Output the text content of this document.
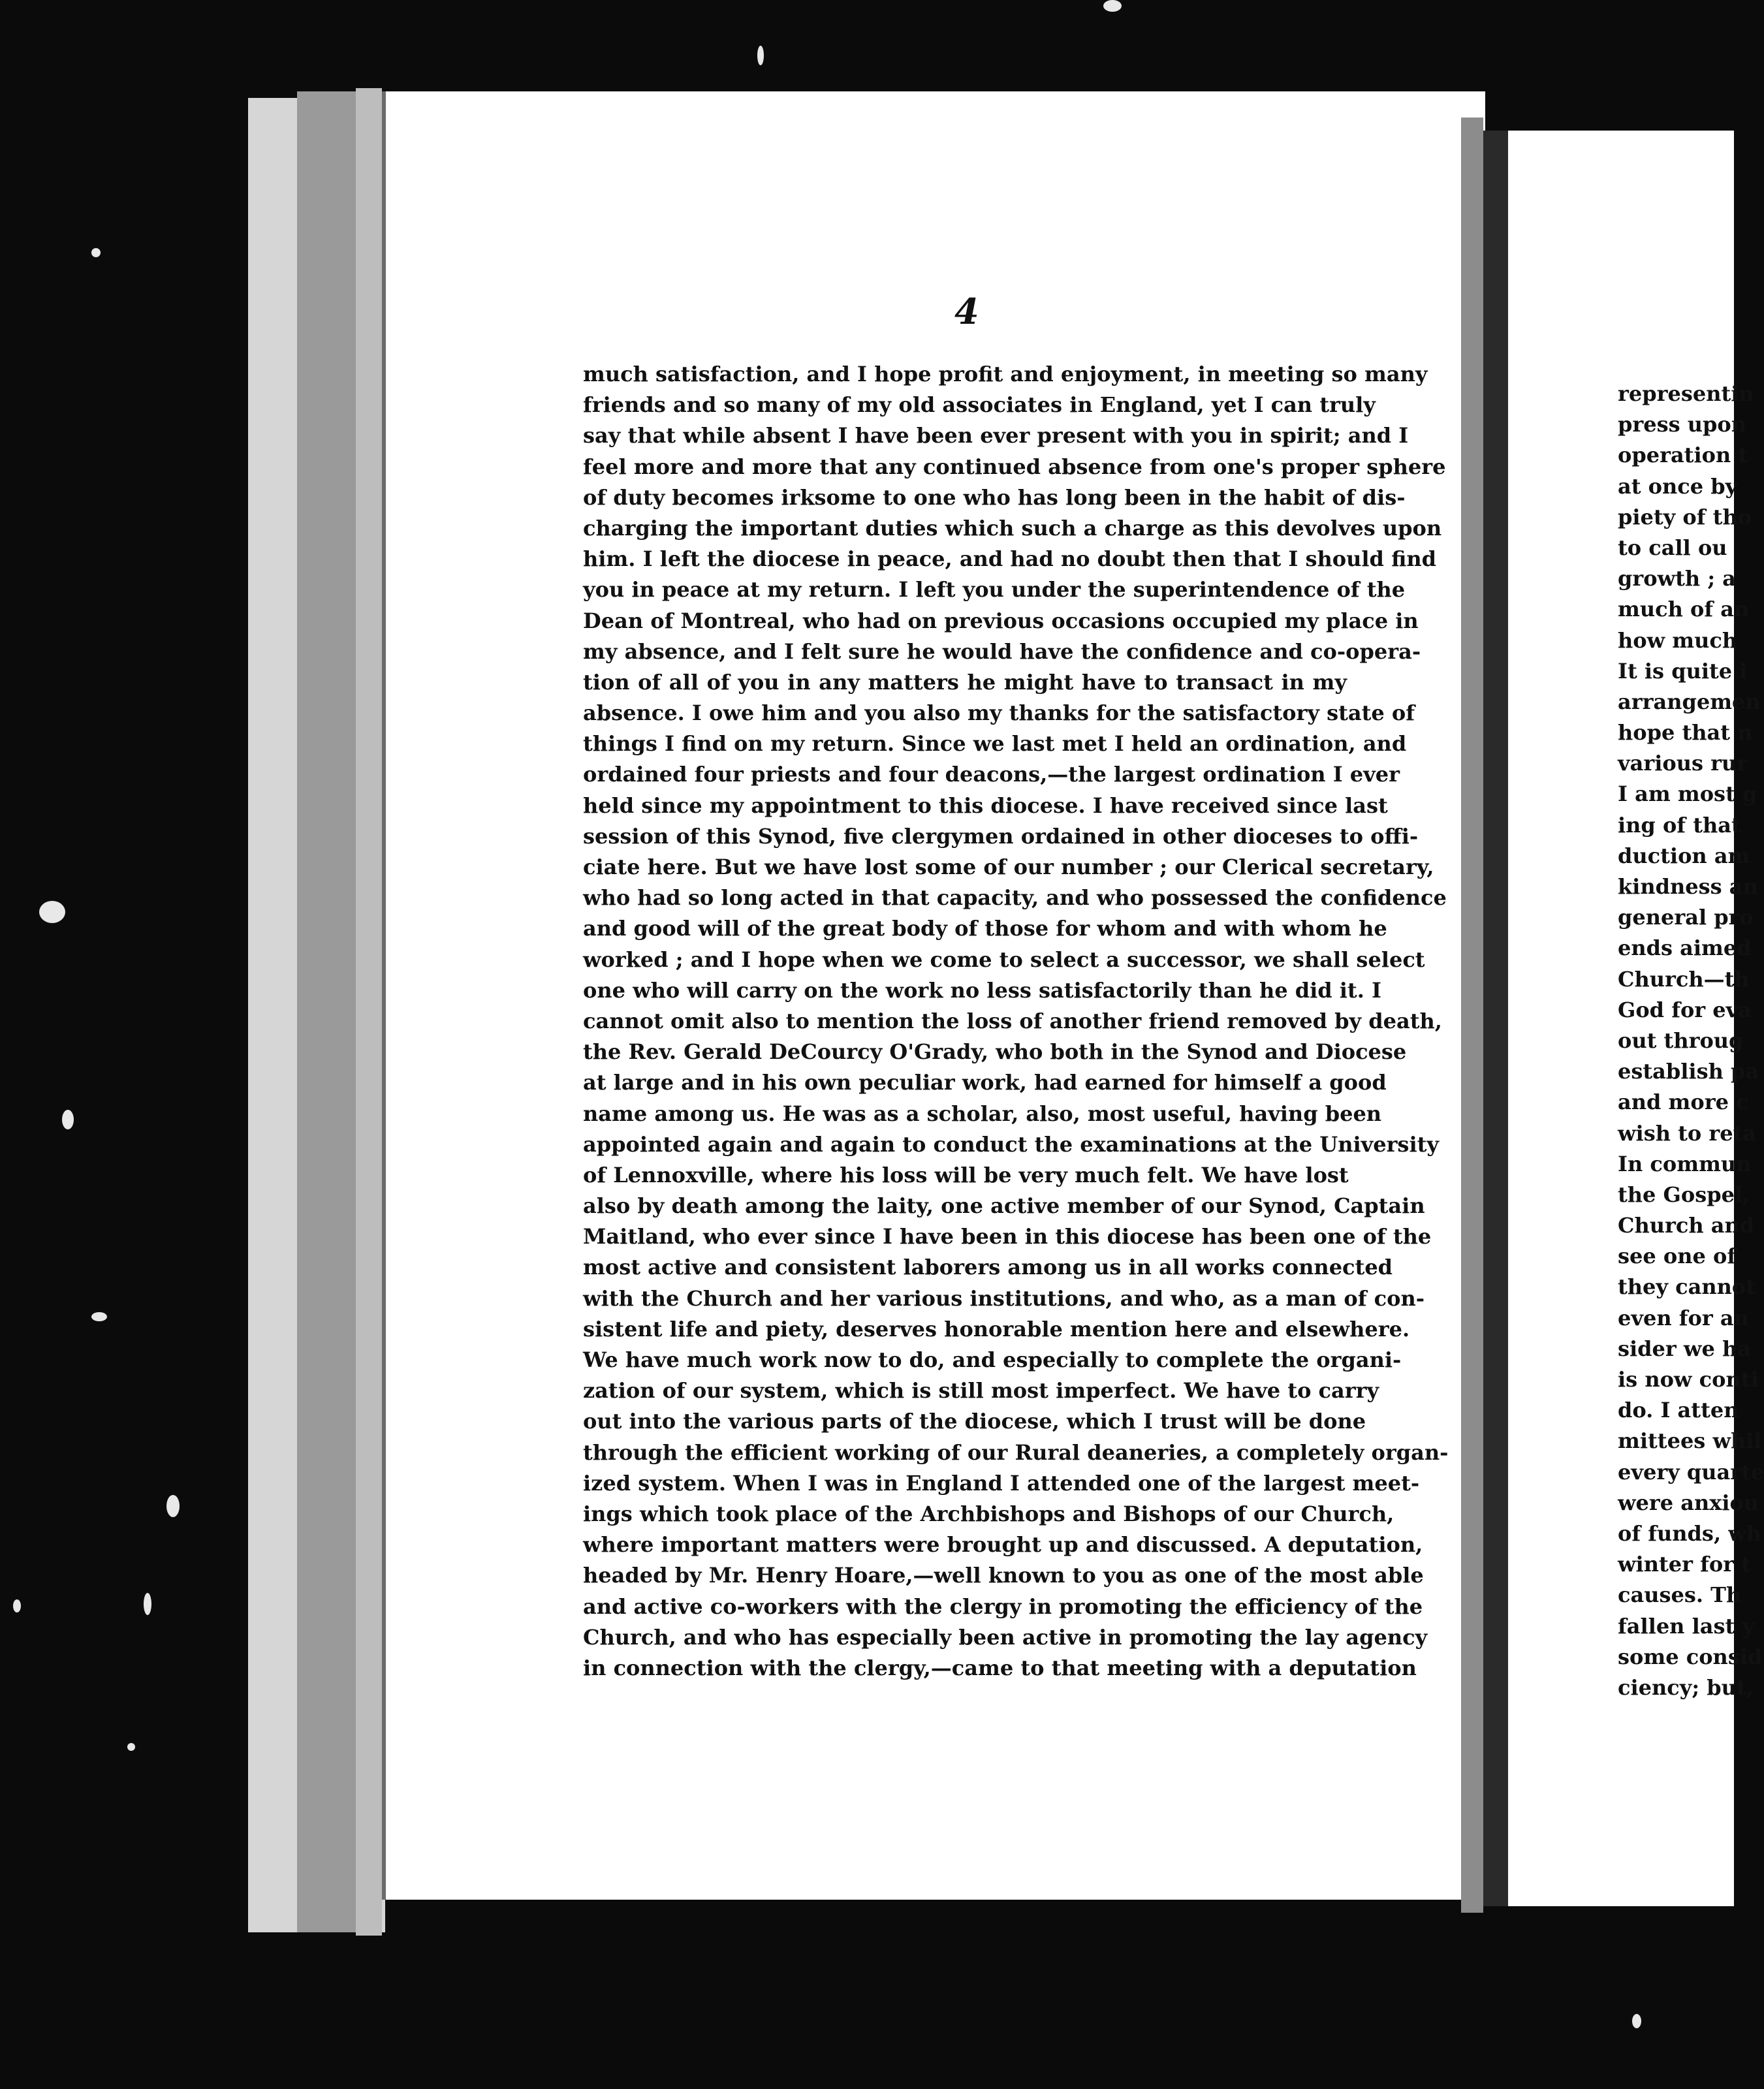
4
much satisfaction, and I hope profit and enjoyment, in meeting so many
friends and so many of my old associates in England, yet I can truly
say that while absent I have been ever present with you in spirit; and I
feel more and more that any continued absence from one's proper sphere
of duty becomes irksome to one who has long been in the habit of dis-
charging the important duties which such a charge as this devolves upon
him. I left the diocese in peace, and had no doubt then that I should find
you in peace at my return. I left you under the superintendence of the
Dean of Montreal, who had on previous occasions occupied my place in
my absence, and I felt sure he would have the confidence and co-opera-
tion of all of you in any matters he might have to transact in my
absence. I owe him and you also my thanks for the satisfactory state of
things I find on my return. Since we last met I held an ordination, and
ordained four priests and four deacons,—the largest ordination I ever
held since my appointment to this diocese. I have received since last
session of this Synod, five clergymen ordained in other dioceses to offi-
ciate here. But we have lost some of our number ; our Clerical secretary,
who had so long acted in that capacity, and who possessed the confidence
and good will of the great body of those for whom and with whom he
worked ; and I hope when we come to select a successor, we shall select
one who will carry on the work no less satisfactorily than he did it. I
cannot omit also to mention the loss of another friend removed by death,
the Rev. Gerald DeCourcy O'Grady, who both in the Synod and Diocese
at large and in his own peculiar work, had earned for himself a good
name among us. He was as a scholar, also, most useful, having been
appointed again and again to conduct the examinations at the University
of Lennoxville, where his loss will be very much felt. We have lost
also by death among the laity, one active member of our Synod, Captain
Maitland, who ever since I have been in this diocese has been one of the
most active and consistent laborers among us in all works connected
with the Church and her various institutions, and who, as a man of con-
sistent life and piety, deserves honorable mention here and elsewhere.
We have much work now to do, and especially to complete the organi-
zation of our system, which is still most imperfect. We have to carry
out into the various parts of the diocese, which I trust will be done
through the efficient working of our Rural deaneries, a completely organ-
ized system. When I was in England I attended one of the largest meet-
ings which took place of the Archbishops and Bishops of our Church,
where important matters were brought up and discussed. A deputation,
headed by Mr. Henry Hoare,—well known to you as one of the most able
and active co-workers with the clergy in promoting the efficiency of the
Church, and who has especially been active in promoting the lay agency
in connection with the clergy,—came to that meeting with a deputation
representin
press upon
operation t
at once by
piety of tho
to call ou
growth ; a
much of an
how much
It is quite i
arrangemen
hope that n
various rur
I am most g
ing of that
duction am
kindness an
general pro
ends aimed
Church—th
God for eva
out throug
establish pa
and more c
wish to reta
In commun
the Gospel,
Church and
see one of
they cannot
even for an
sider we ha
is now conti
do. I atten
mittees whil
every quarte
were anxiou
of funds, wh
winter for t
causes. Th
fallen last y
some consid
ciency; but,
